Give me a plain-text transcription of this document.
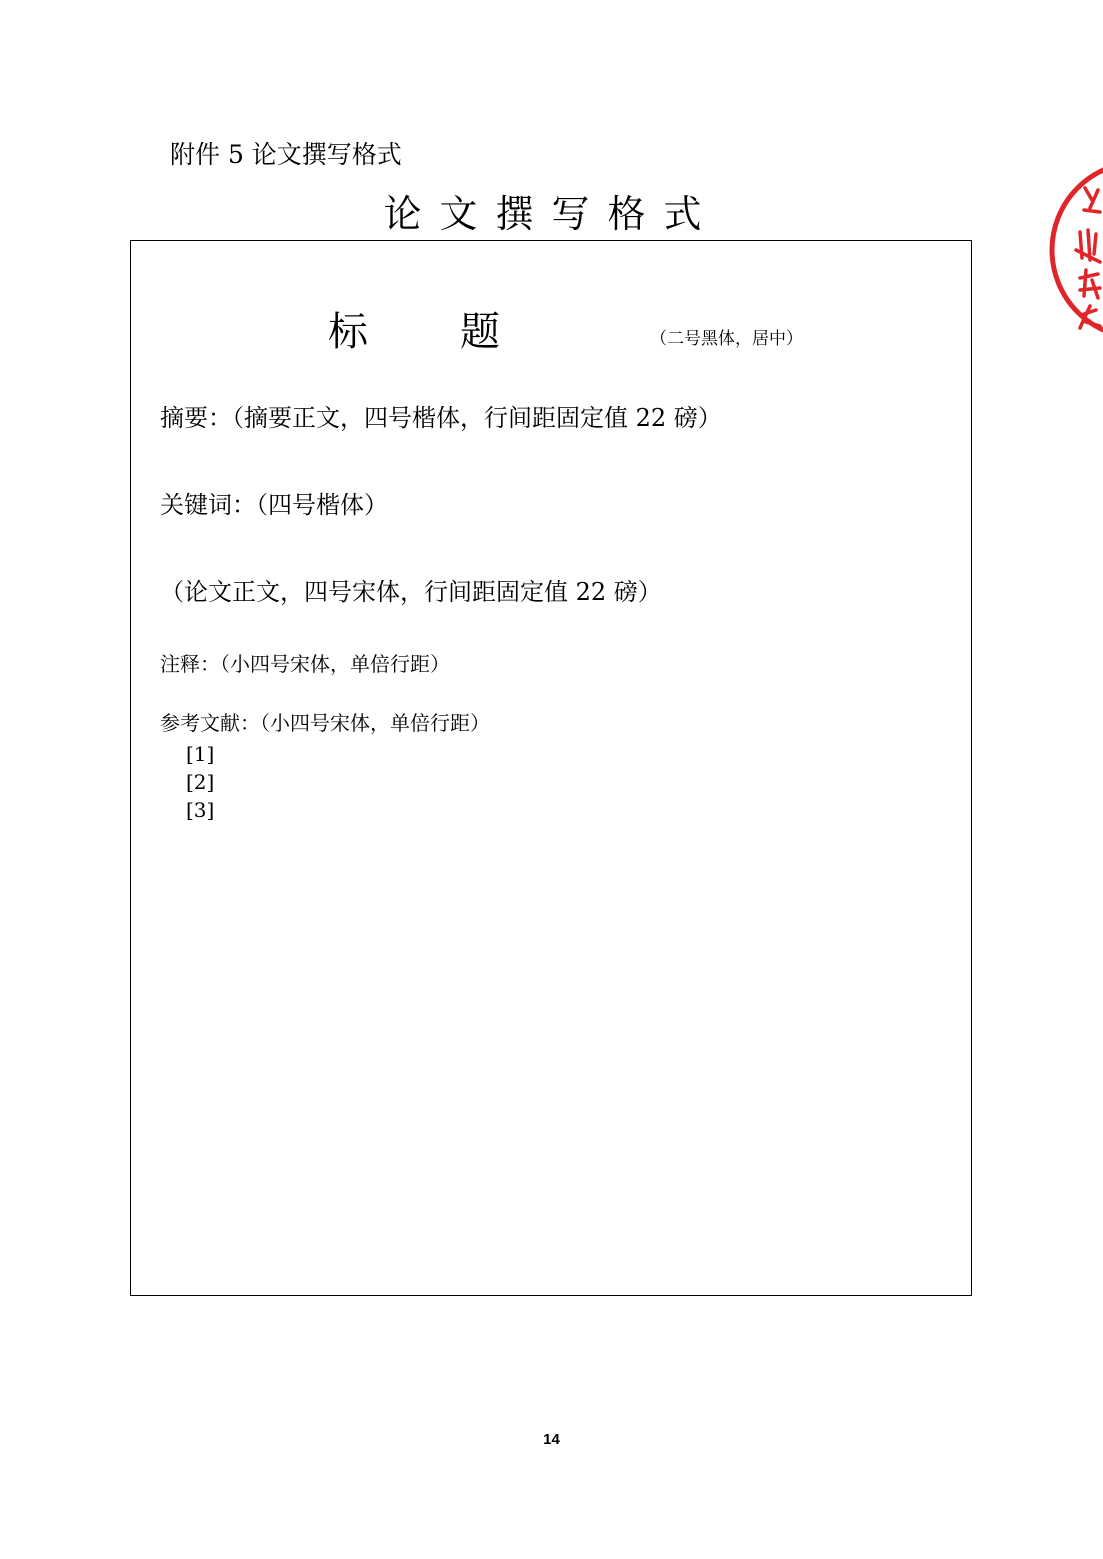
附件 5 论文撰写格式
论文撰写格式
标 题	（二号黑体，居中）
摘要：（摘要正文，四号楷体，行间距固定值 22 磅）
关键词：（四号楷体）
（论文正文，四号宋体，行间距固定值 22 磅）
注释：（小四号宋体，单倍行距）
参考文献：（小四号宋体，单倍行距）
[1]
[2]
[3]
14
